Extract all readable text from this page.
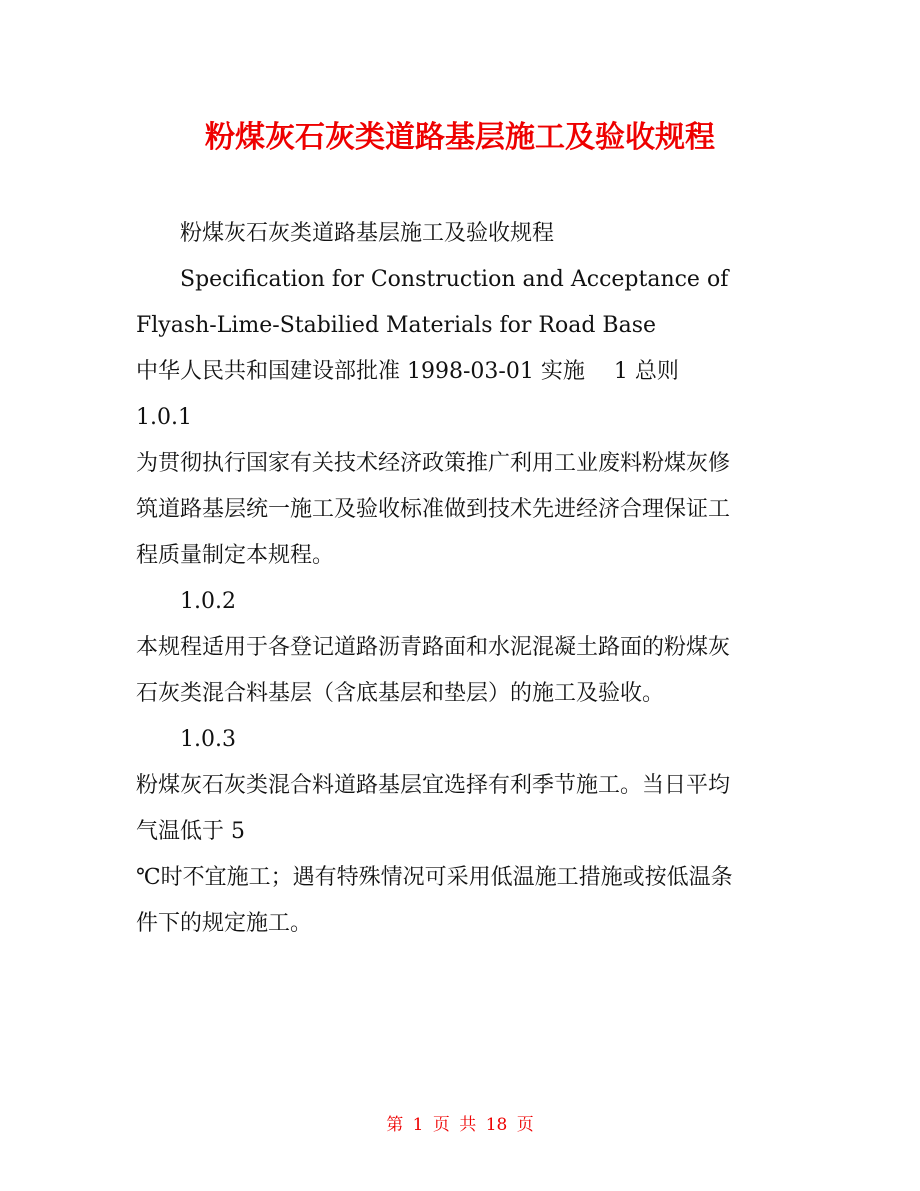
粉煤灰石灰类道路基层施工及验收规程

粉煤灰石灰类道路基层施工及验收规程

Specification for Construction and Acceptance of

Flyash-Lime-Stabilied Materials for Road Base

中华人民共和国建设部批准 1998-03-01 实施　 1 总则

1.0.1

为贯彻执行国家有关技术经济政策推广利用工业废料粉煤灰修

筑道路基层统一施工及验收标准做到技术先进经济合理保证工

程质量制定本规程。

1.0.2

本规程适用于各登记道路沥青路面和水泥混凝土路面的粉煤灰

石灰类混合料基层（含底基层和垫层）的施工及验收。

1.0.3

粉煤灰石灰类混合料道路基层宜选择有利季节施工。当日平均

气温低于 5

℃时不宜施工；遇有特殊情况可采用低温施工措施或按低温条

件下的规定施工。

第 1 页 共 18 页
